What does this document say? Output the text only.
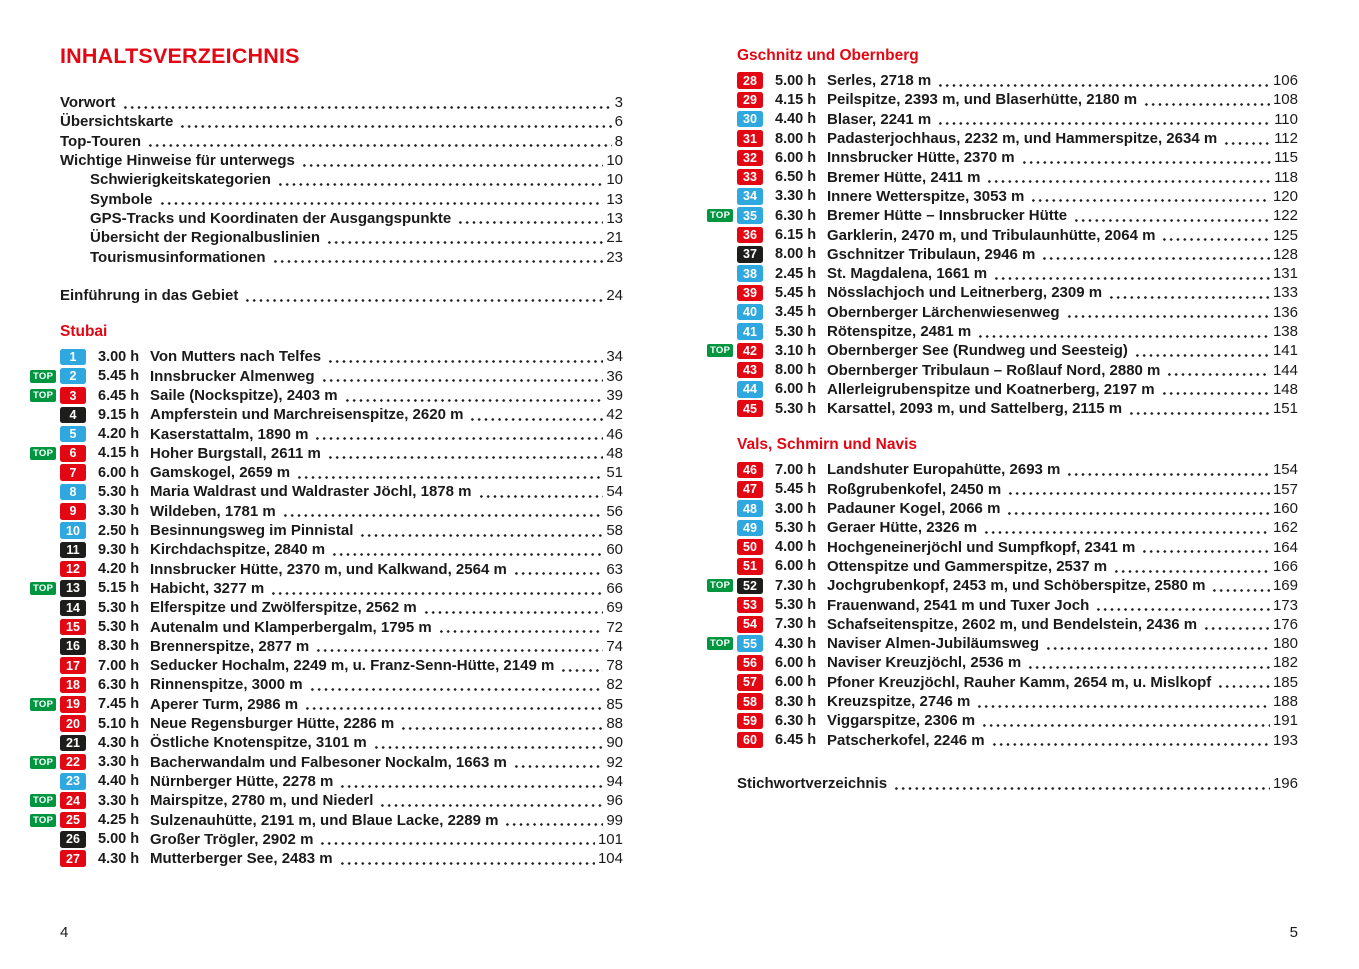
INHALTSVERZEICHNIS
Vorwort	3
Übersichtskarte	6
Top-Touren	8
Wichtige Hinweise für unterwegs	10
Schwierigkeitskategorien	10
Symbole	13
GPS-Tracks und Koordinaten der Ausgangspunkte	13
Übersicht der Regionalbuslinien	21
Tourismusinformationen	23
Einführung in das Gebiet	24
Stubai
1	3.00 h Von Mutters nach Telfes	34
TOP	2	5.45 h Innsbrucker Almenweg	36
TOP	3	6.45 h Saile (Nockspitze), 2403 m	39
4	9.15 h Ampferstein und Marchreisenspitze, 2620 m	42
5	4.20 h Kaserstattalm, 1890 m	46
TOP	6	4.15 h Hoher Burgstall, 2611 m	48
7	6.00 h Gamskogel, 2659 m	51
8	5.30 h Maria Waldrast und Waldraster Jöchl, 1878 m	54
9	3.30 h Wildeben, 1781 m	56
10	2.50 h Besinnungsweg im Pinnistal	58
11	9.30 h Kirchdachspitze, 2840 m	60
12	4.20 h Innsbrucker Hütte, 2370 m, und Kalkwand, 2564 m	63
TOP	13	5.15 h Habicht, 3277 m	66
14	5.30 h Elferspitze und Zwölferspitze, 2562 m	69
15	5.30 h Autenalm und Klamperbergalm, 1795 m	72
16	8.30 h Brennerspitze, 2877 m	74
17	7.00 h Seducker Hochalm, 2249 m, u. Franz-Senn-Hütte, 2149 m	78
18	6.30 h Rinnenspitze, 3000 m	82
TOP	19	7.45 h Aperer Turm, 2986 m	85
20	5.10 h Neue Regensburger Hütte, 2286 m	88
21	4.30 h Östliche Knotenspitze, 3101 m	90
TOP	22	3.30 h Bacherwandalm und Falbesoner Nockalm, 1663 m	92
23	4.40 h Nürnberger Hütte, 2278 m	94
TOP	24	3.30 h Mairspitze, 2780 m, und Niederl	96
TOP	25	4.25 h Sulzenauhütte, 2191 m, und Blaue Lacke, 2289 m	99
26	5.00 h Großer Trögler, 2902 m	101
27	4.30 h Mutterberger See, 2483 m	104
Gschnitz und Obernberg
28	5.00 h Serles, 2718 m	106
29	4.15 h Peilspitze, 2393 m, und Blaserhütte, 2180 m	108
30	4.40 h Blaser, 2241 m	110
31	8.00 h Padasterjochhaus, 2232 m, und Hammerspitze, 2634 m	112
32	6.00 h Innsbrucker Hütte, 2370 m	115
33	6.50 h Bremer Hütte, 2411 m	118
34	3.30 h Innere Wetterspitze, 3053 m	120
TOP	35	6.30 h Bremer Hütte – Innsbrucker Hütte	122
36	6.15 h Garklerin, 2470 m, und Tribulaunhütte, 2064 m	125
37	8.00 h Gschnitzer Tribulaun, 2946 m	128
38	2.45 h St. Magdalena, 1661 m	131
39	5.45 h Nösslachjoch und Leitnerberg, 2309 m	133
40	3.45 h Obernberger Lärchenwiesenweg	136
41	5.30 h Rötenspitze, 2481 m	138
TOP	42	3.10 h Obernberger See (Rundweg und Seesteig)	141
43	8.00 h Obernberger Tribulaun – Roßlauf Nord, 2880 m	144
44	6.00 h Allerleigrubenspitze und Koatnerberg, 2197 m	148
45	5.30 h Karsattel, 2093 m, und Sattelberg, 2115 m	151
Vals, Schmirn und Navis
46	7.00 h Landshuter Europahütte, 2693 m	154
47	5.45 h Roßgrubenkofel, 2450 m	157
48	3.00 h Padauner Kogel, 2066 m	160
49	5.30 h Geraer Hütte, 2326 m	162
50	4.00 h Hochgeneinerjöchl und Sumpfkopf, 2341 m	164
51	6.00 h Ottenspitze und Gammerspitze, 2537 m	166
TOP	52	7.30 h Jochgrubenkopf, 2453 m, und Schöberspitze, 2580 m	169
53	5.30 h Frauenwand, 2541 m und Tuxer Joch	173
54	7.30 h Schafseitenspitze, 2602 m, und Bendelstein, 2436 m	176
TOP	55	4.30 h Naviser Almen-Jubiläumsweg	180
56	6.00 h Naviser Kreuzjöchl, 2536 m	182
57	6.00 h Pfoner Kreuzjöchl, Rauher Kamm, 2654 m, u. Mislkopf	185
58	8.30 h Kreuzspitze, 2746 m	188
59	6.30 h Viggarspitze, 2306 m	191
60	6.45 h Patscherkofel, 2246 m	193
Stichwortverzeichnis	196
4	5
